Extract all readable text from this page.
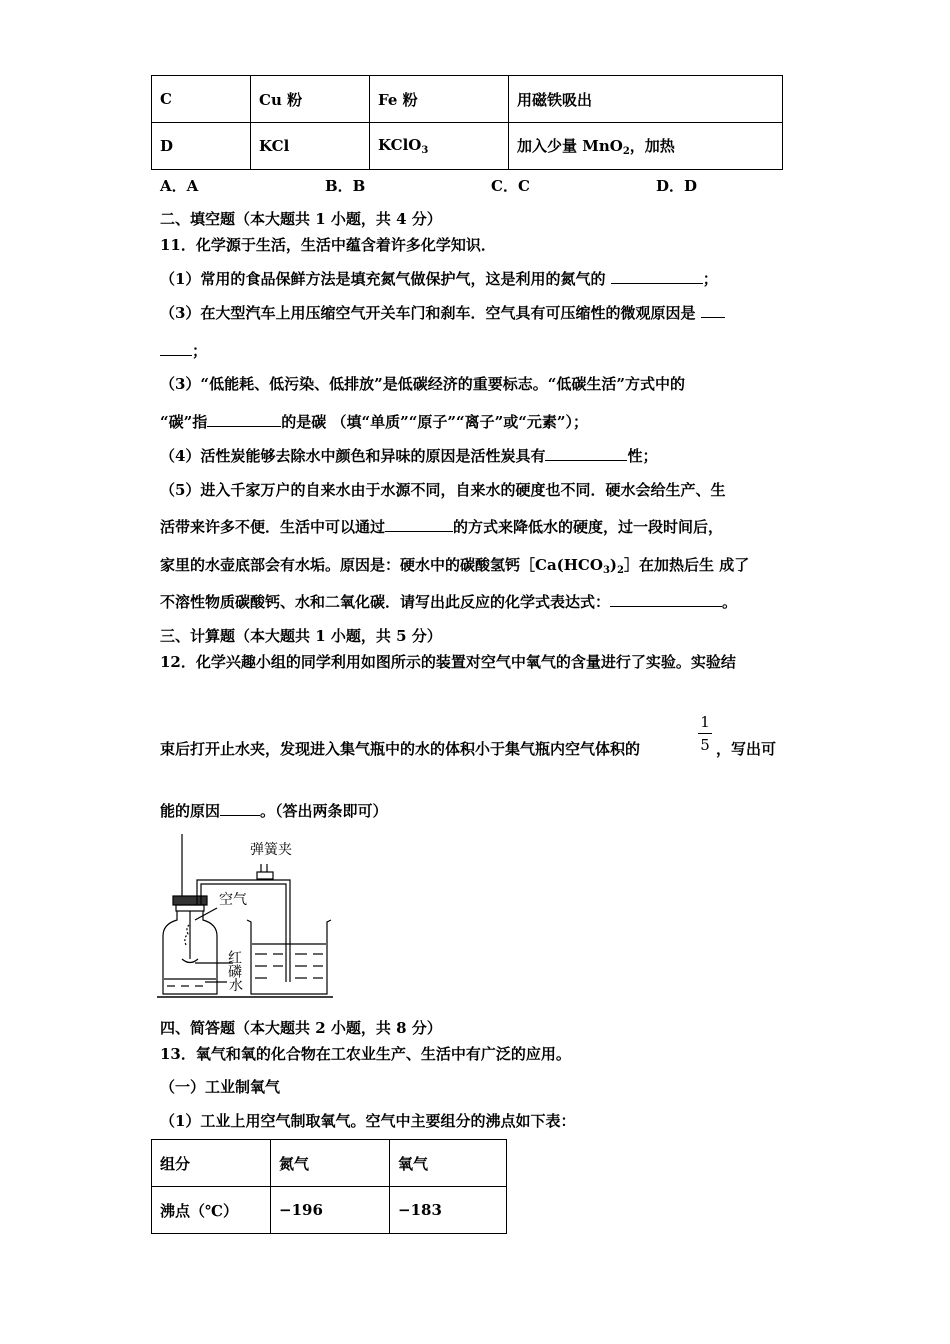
C	Cu 粉	Fe 粉	用磁铁吸出
D	KCl	KClO$_3$	加入少量 MnO$_2$，加热
A．A	B．B	C．C	D．D
二、填空题（本大题共 1 小题，共 4 分）
11．化学源于生活，生活中蕴含着许多化学知识．
（1）常用的食品保鲜方法是填充氮气做保护气，这是利用的氮气的	；
（3）在大型汽车上用压缩空气开关车门和刹车．空气具有可压缩性的微观原因是
；
（3）“低能耗、低污染、低排放”是低碳经济的重要标志。“低碳生活”方式中的
“碳”指	的是碳 （填“单质”“原子”“离子”或“元素”）；
（4）活性炭能够去除水中颜色和异味的原因是活性炭具有	性；
（5）进入千家万户的自来水由于水源不同，自来水的硬度也不同．硬水会给生产、生
活带来许多不便．生活中可以通过	的方式来降低水的硬度，过一段时间后，
家里的水壶底部会有水垢。原因是：硬水中的碳酸氢钙$[Ca(HCO_3)_2]$在加热后生 成了
不溶性物质碳酸钙、水和二氧化碳．请写出此反应的化学式表达式：	。
三、计算题（本大题共 1 小题，共 5 分）
12．化学兴趣小组的同学利用如图所示的装置对空气中氧气的含量进行了实验。实验结
束后打开止水夹，发现进入集气瓶中的水的体积小于集气瓶内空气体积的
1
5 ，写出可
能的原因	。（答出两条即可）
弹簧夹
空气
红磷
水
四、简答题（本大题共 2 小题，共 8 分）
13．氧气和氧的化合物在工农业生产、生活中有广泛的应用。
（一）工业制氧气
（1）工业上用空气制取氧气。空气中主要组分的沸点如下表：
组分	氮气	氧气
沸点（℃）	−196	−183
